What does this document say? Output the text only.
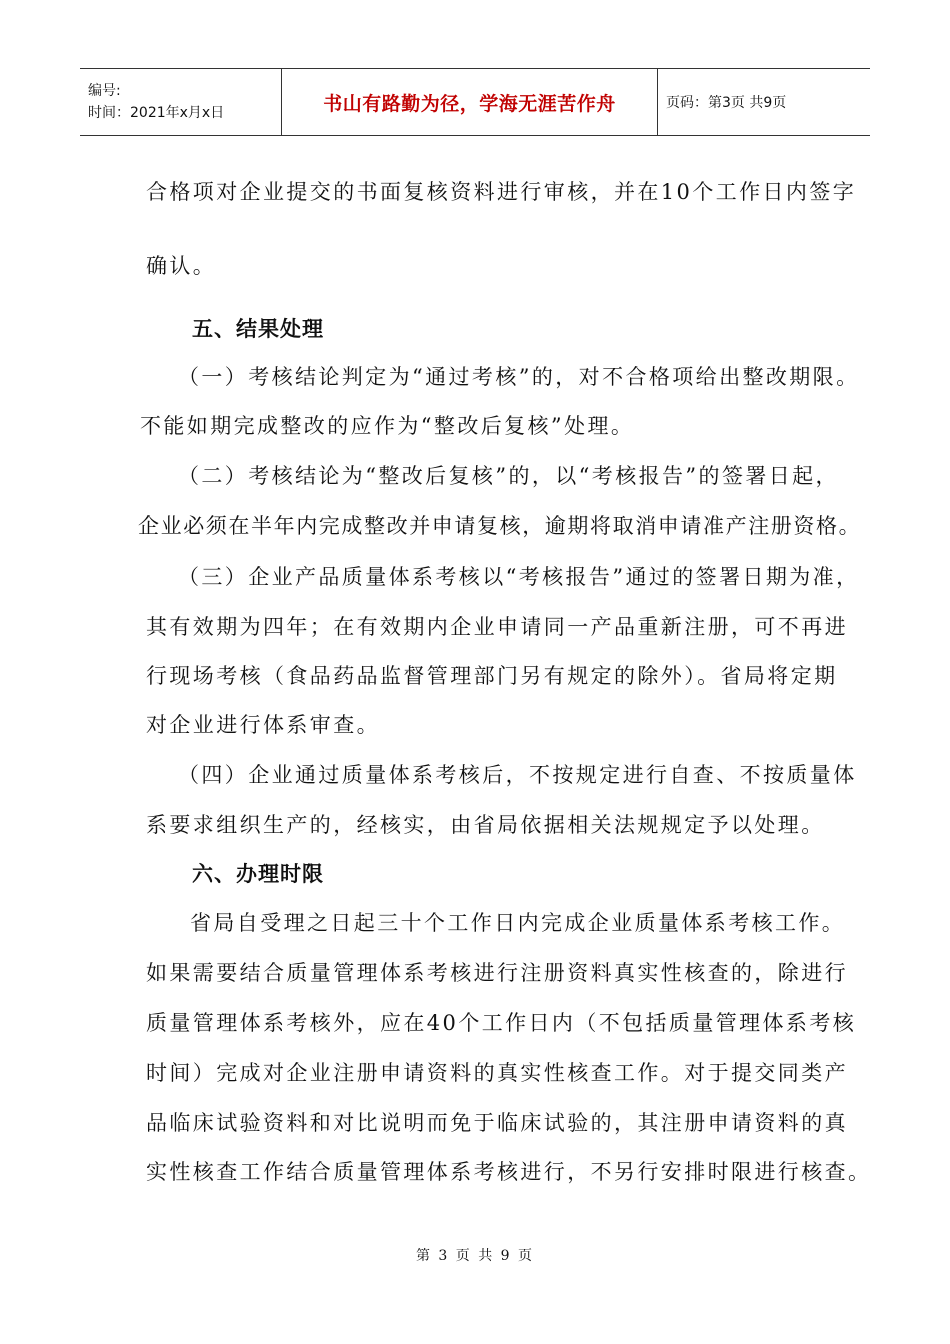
编号:
时间：2021年x月x日	书山有路勤为径，学海无涯苦作舟	页码：第3页 共9页
合格项对企业提交的书面复核资料进行审核，并在10个工作日内签字
确认。
五、结果处理
（一）考核结论判定为“通过考核”的，对不合格项给出整改期限。
不能如期完成整改的应作为“整改后复核”处理。
（二）考核结论为“整改后复核”的，以“考核报告”的签署日起，
企业必须在半年内完成整改并申请复核，逾期将取消申请准产注册资格。
（三）企业产品质量体系考核以“考核报告”通过的签署日期为准，
其有效期为四年；在有效期内企业申请同一产品重新注册，可不再进
行现场考核（食品药品监督管理部门另有规定的除外）。省局将定期
对企业进行体系审查。
（四）企业通过质量体系考核后，不按规定进行自查、不按质量体
系要求组织生产的，经核实，由省局依据相关法规规定予以处理。
六、办理时限
省局自受理之日起三十个工作日内完成企业质量体系考核工作。
如果需要结合质量管理体系考核进行注册资料真实性核查的，除进行
质量管理体系考核外，应在40个工作日内（不包括质量管理体系考核
时间）完成对企业注册申请资料的真实性核查工作。对于提交同类产
品临床试验资料和对比说明而免于临床试验的，其注册申请资料的真
实性核查工作结合质量管理体系考核进行，不另行安排时限进行核查。
第 3 页 共 9 页
